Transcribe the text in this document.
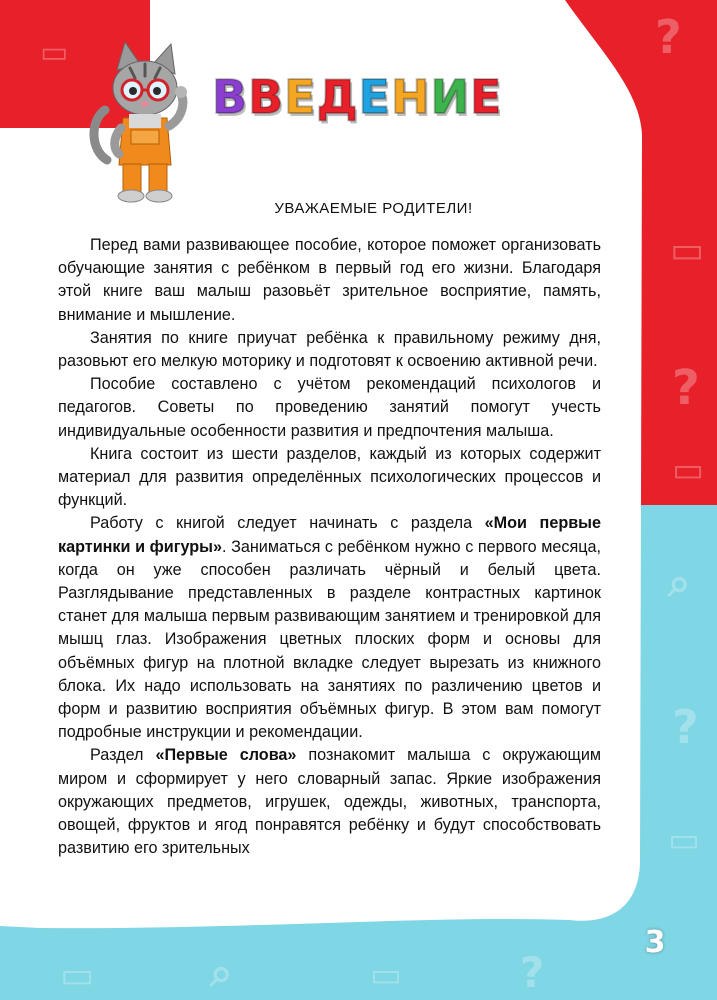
?
▭
?
▭
⌕
?
▭
▭	⌕	▭	?
▭
ВВЕДЕНИЕ
УВАЖАЕМЫЕ РОДИТЕЛИ!

Перед вами развивающее пособие, которое поможет организовать обучающие занятия с ребёнком в первый год его жизни. Благодаря этой книге ваш малыш разовьёт зрительное восприятие, память, внимание и мышление.

Занятия по книге приучат ребёнка к правильному режиму дня, разовьют его мелкую моторику и подготовят к освоению активной речи.

Пособие составлено с учётом рекомендаций психологов и педагогов. Советы по проведению занятий помогут учесть индивидуальные особенности развития и предпочтения малыша.

Книга состоит из шести разделов, каждый из которых содержит материал для развития определённых психологических процессов и функций.

Работу с книгой следует начинать с раздела «Мои первые картинки и фигуры». Заниматься с ребёнком нужно с первого месяца, когда он уже способен различать чёрный и белый цвета. Разглядывание представленных в разделе контрастных картинок станет для малыша первым развивающим занятием и тренировкой для мышц глаз. Изображения цветных плоских форм и основы для объёмных фигур на плотной вкладке следует вырезать из книжного блока. Их надо использовать на занятиях по различению цветов и форм и развитию восприятия объёмных фигур. В этом вам помогут подробные инструкции и рекомендации.

Раздел «Первые слова» познакомит малыша с окружающим миром и сформирует у него словарный запас. Яркие изображения окружающих предметов, игрушек, одежды, животных, транспорта, овощей, фруктов и ягод понравятся ребёнку и будут способствовать развитию его зрительных

3
